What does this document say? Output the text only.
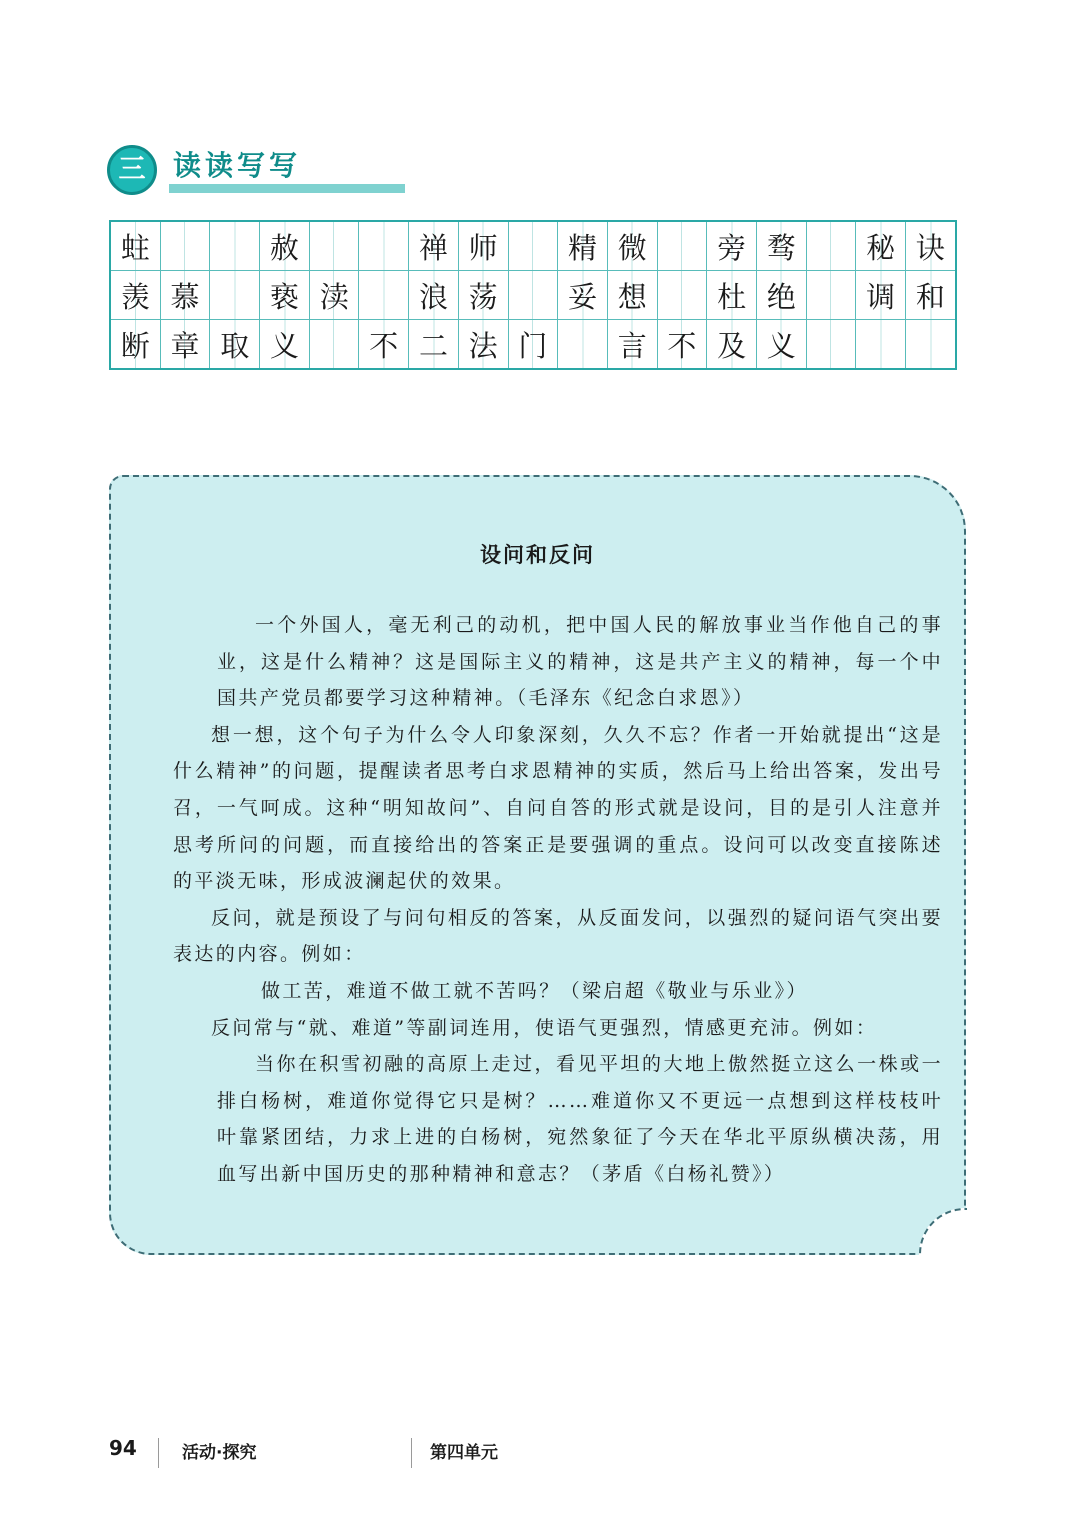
三 读读写写
蛀			赦			禅	师		精	微		旁	骛		秘	诀
羡	慕		亵	渎		浪	荡		妥	想		杜	绝		调	和
断	章	取	义		不	二	法	门		言	不	及	义			
设问和反问

一个外国人，毫无利己的动机，把中国人民的解放事业当作他自己的事业，这是什么精神？这是国际主义的精神，这是共产主义的精神，每一个中国共产党员都要学习这种精神。（毛泽东《纪念白求恩》）

想一想，这个句子为什么令人印象深刻，久久不忘？作者一开始就提出“这是什么精神”的问题，提醒读者思考白求恩精神的实质，然后马上给出答案，发出号召，一气呵成。这种“明知故问”、自问自答的形式就是设问，目的是引人注意并思考所问的问题，而直接给出的答案正是要强调的重点。设问可以改变直接陈述的平淡无味，形成波澜起伏的效果。

反问，就是预设了与问句相反的答案，从反面发问，以强烈的疑问语气突出要表达的内容。例如：

做工苦，难道不做工就不苦吗？（梁启超《敬业与乐业》）

反问常与“就、难道”等副词连用，使语气更强烈，情感更充沛。例如：

当你在积雪初融的高原上走过，看见平坦的大地上傲然挺立这么一株或一排白杨树，难道你觉得它只是树？……难道你又不更远一点想到这样枝枝叶叶靠紧团结，力求上进的白杨树，宛然象征了今天在华北平原纵横决荡，用血写出新中国历史的那种精神和意志？（茅盾《白杨礼赞》）

94	活动·探究	第四单元
